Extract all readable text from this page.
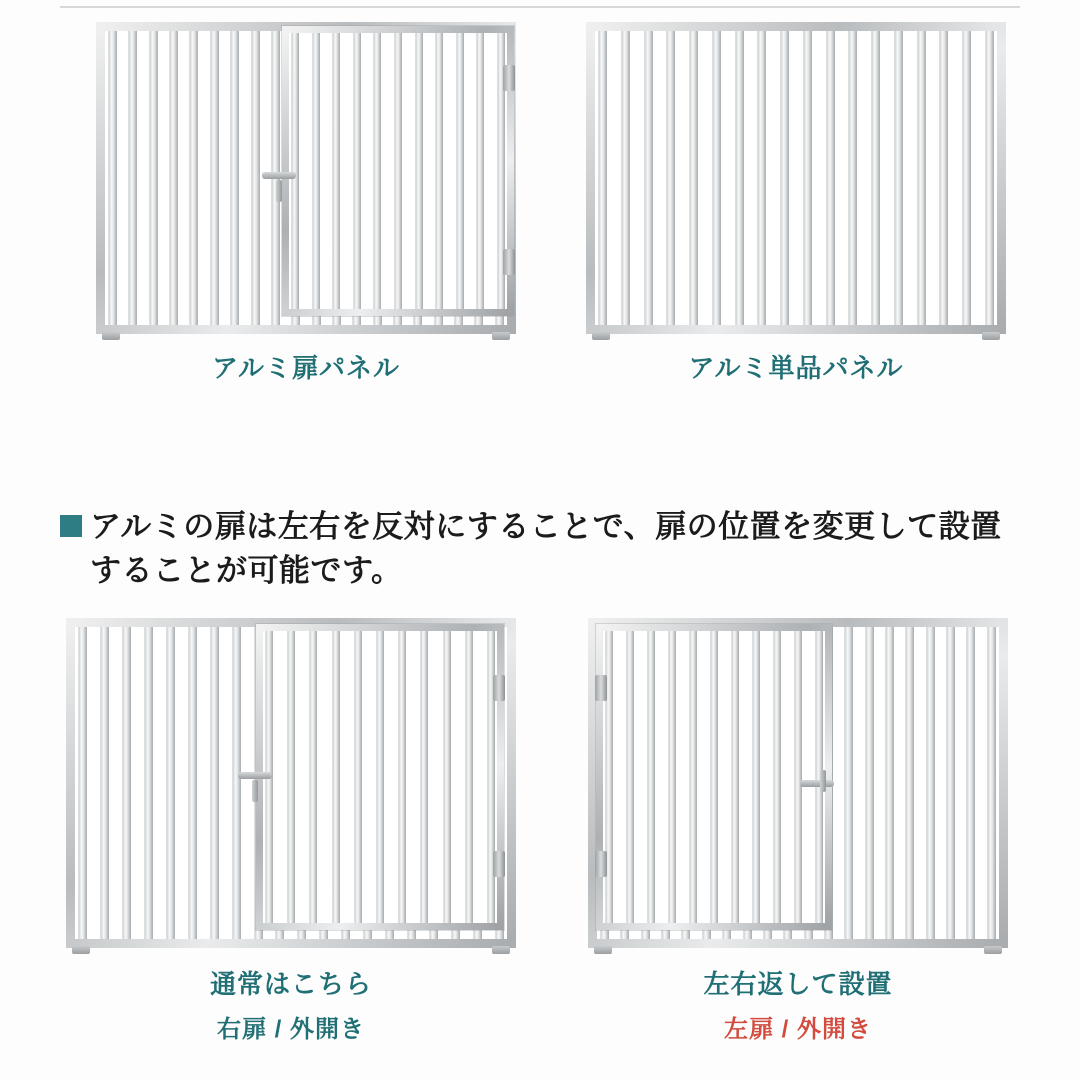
アルミ扉パネル	アルミ単品パネル
アルミの扉は左右を反対にすることで、扉の位置を変更して設置することが可能です。
通常はこちら
右扉 / 外開き
左右返して設置
左扉 / 外開き
